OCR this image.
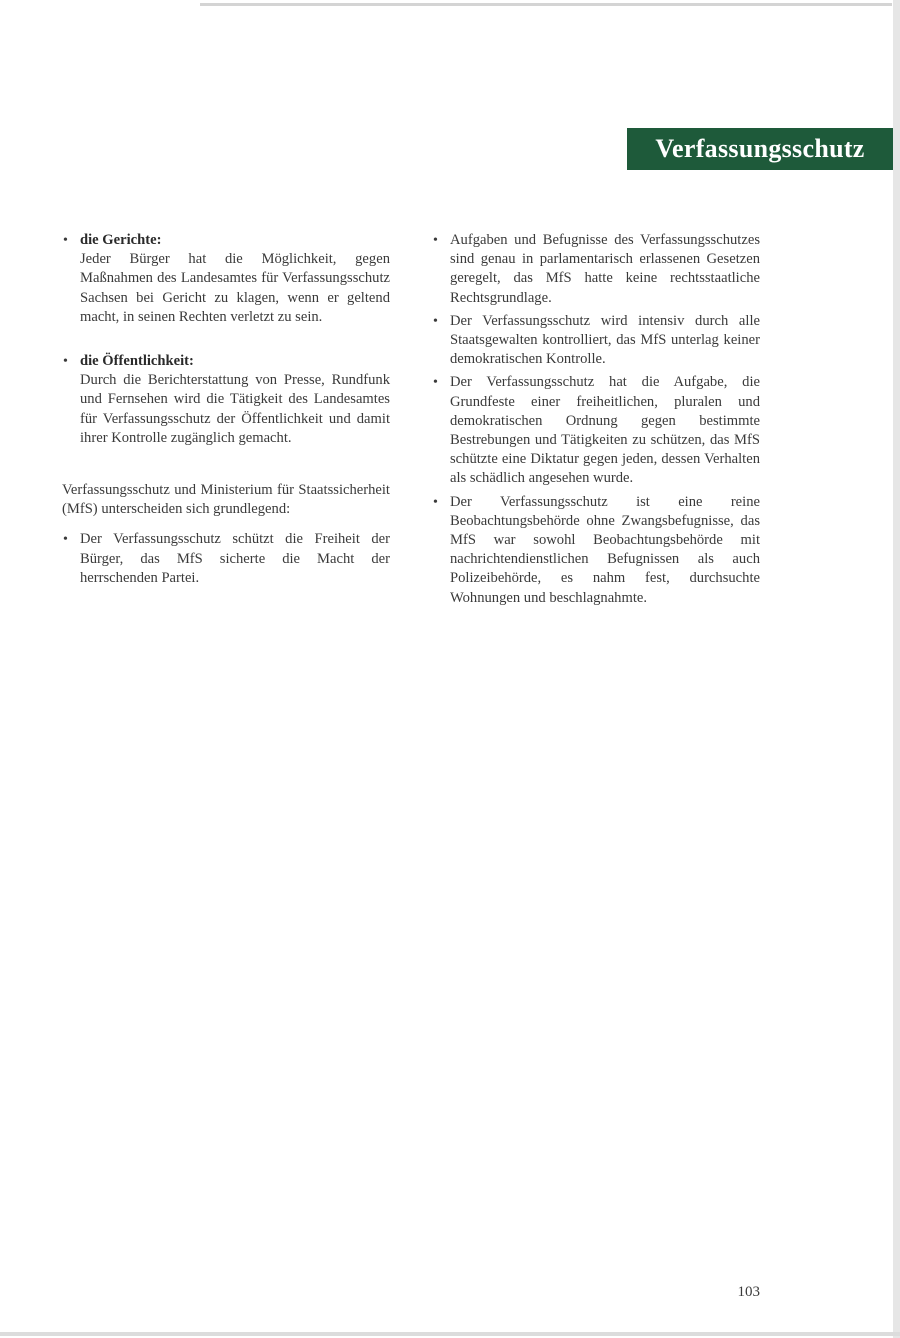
Verfassungsschutz
• die Gerichte:
Jeder Bürger hat die Möglichkeit, gegen Maßnahmen des Landesamtes für Verfassungsschutz Sachsen bei Gericht zu klagen, wenn er geltend macht, in seinen Rechten verletzt zu sein.
• die Öffentlichkeit:
Durch die Berichterstattung von Presse, Rundfunk und Fernsehen wird die Tätigkeit des Landesamtes für Verfassungsschutz der Öffentlichkeit und damit ihrer Kontrolle zugänglich gemacht.
Verfassungsschutz und Ministerium für Staatssicherheit (MfS) unterscheiden sich grundlegend:
• Der Verfassungsschutz schützt die Freiheit der Bürger, das MfS sicherte die Macht der herrschenden Partei.
• Aufgaben und Befugnisse des Verfassungsschutzes sind genau in parlamentarisch erlassenen Gesetzen geregelt, das MfS hatte keine rechtsstaatliche Rechtsgrundlage.
• Der Verfassungsschutz wird intensiv durch alle Staatsgewalten kontrolliert, das MfS unterlag keiner demokratischen Kontrolle.
• Der Verfassungsschutz hat die Aufgabe, die Grundfeste einer freiheitlichen, pluralen und demokratischen Ordnung gegen bestimmte Bestrebungen und Tätigkeiten zu schützen, das MfS schützte eine Diktatur gegen jeden, dessen Verhalten als schädlich angesehen wurde.
• Der Verfassungsschutz ist eine reine Beobachtungsbehörde ohne Zwangsbefugnisse, das MfS war sowohl Beobachtungsbehörde mit nachrichtendienstlichen Befugnissen als auch Polizeibehörde, es nahm fest, durchsuchte Wohnungen und beschlagnahmte.
103
